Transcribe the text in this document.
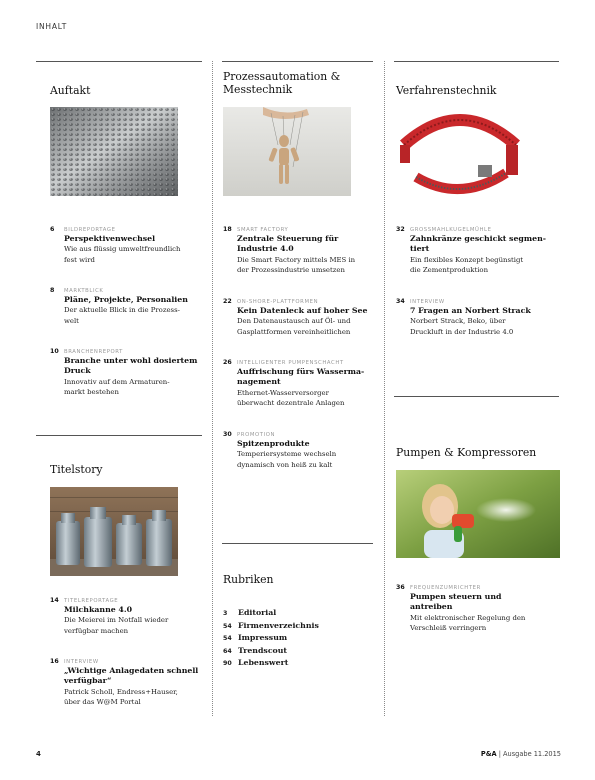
INHALT
Auftakt
6 BILDREPORTAGE
Perspektivenwechsel
Wie aus flüssig umweltfreundlich
fest wird
8 MARKTBLICK
Pläne, Projekte, Personalien
Der aktuelle Blick in die Prozess-
welt
10 BRANCHENREPORT
Branche unter wohl dosiertem
Druck
Innovativ auf dem Armaturen-
markt bestehen
Titelstory
14 TITELREPORTAGE
Milchkanne 4.0
Die Meierei im Notfall wieder
verfügbar machen
16 INTERVIEW
„Wichtige Anlagedaten schnell
verfügbar“
Patrick Scholl, Endress+Hauser,
über das W@M Portal
Prozessautomation &
Messtechnik
18 SMART FACTORY
Zentrale Steuerung für
Industrie 4.0
Die Smart Factory mittels MES in
der Prozessindustrie umsetzen
22 ON-SHORE-PLATTFORMEN
Kein Datenleck auf hoher See
Den Datenaustausch auf Öl- und
Gasplattformen vereinheitlichen
26 INTELLIGENTER PUMPENSCHACHT
Auffrischung fürs Wasserma-
nagement
Ethernet-Wasserversorger
überwacht dezentrale Anlagen
30 PROMOTION
Spitzenprodukte
Temperiersysteme wechseln
dynamisch von heiß zu kalt
Rubriken
3	Editorial
54 Firmenverzeichnis
54 Impressum
64 Trendscout
90 Lebenswert
Verfahrenstechnik
32 GROSSMAHLKUGELMÜHLE
Zahnkränze geschickt segmen-
tiert
Ein flexibles Konzept begünstigt
die Zementproduktion
34 INTERVIEW
7 Fragen an Norbert Strack
Norbert Strack, Beko, über
Druckluft in der Industrie 4.0
Pumpen & Kompressoren
36 FREQUENZUMRICHTER
Pumpen steuern und antreiben
Mit elektronischer Regelung den
Verschleiß verringern
4	P&A | Ausgabe 11.2015
